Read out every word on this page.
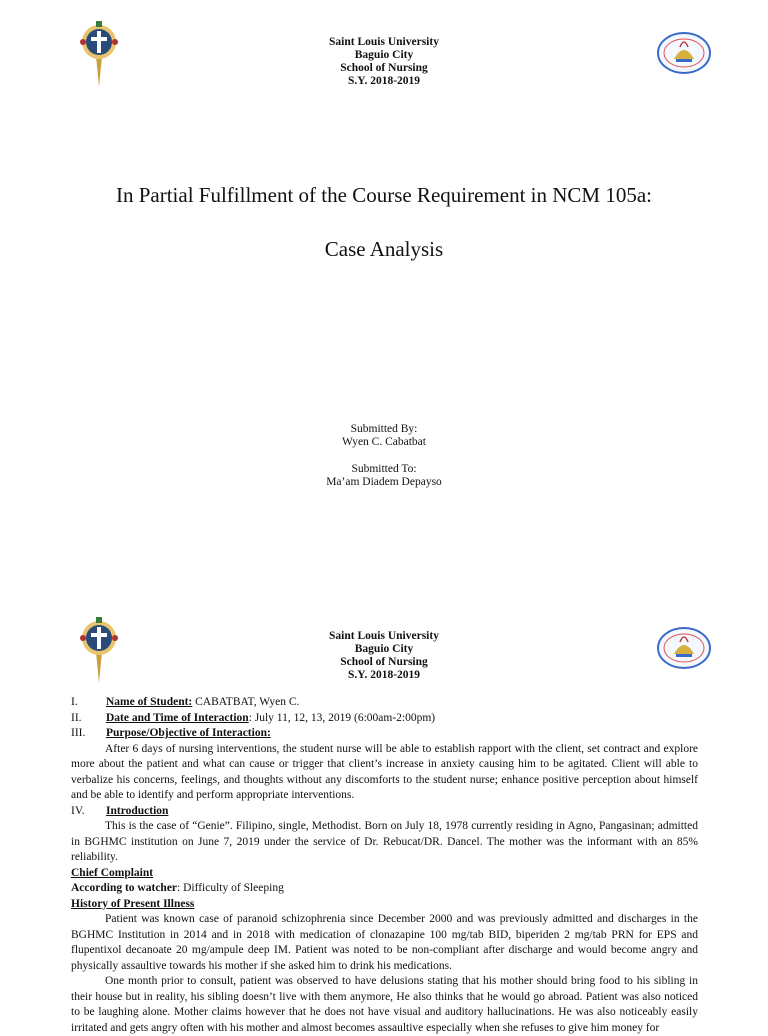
Saint Louis University
Baguio City
School of Nursing
S.Y. 2018-2019
In Partial Fulfillment of the Course Requirement in NCM 105a:
Case Analysis
Submitted By:
Wyen C. Cabatbat
Submitted To:
Ma’am Diadem Depayso
Saint Louis University
Baguio City
School of Nursing
S.Y. 2018-2019
I.	Name of Student: CABATBAT, Wyen C.
II.	Date and Time of Interaction: July 11, 12, 13, 2019 (6:00am-2:00pm)
III.	Purpose/Objective of Interaction:
After 6 days of nursing interventions, the student nurse will be able to establish rapport with the client, set contract and explore more about the patient and what can cause or trigger that client’s increase in anxiety causing him to be agitated. Client will able to verbalize his concerns, feelings, and thoughts without any discomforts to the student nurse; enhance positive perception about himself and be able to identify and perform appropriate interventions.
IV.	Introduction
This is the case of “Genie”. Filipino, single, Methodist. Born on July 18, 1978 currently residing in Agno, Pangasinan; admitted in BGHMC institution on June 7, 2019 under the service of Dr. Rebucat/DR. Dancel. The mother was the informant with an 85% reliability.
Chief Complaint
According to watcher: Difficulty of Sleeping
History of Present Illness
Patient was known case of paranoid schizophrenia since December 2000 and was previously admitted and discharges in the BGHMC Institution in 2014 and in 2018 with medication of clonazapine 100 mg/tab BID, biperiden 2 mg/tab PRN for EPS and flupentixol decanoate 20 mg/ampule deep IM. Patient was noted to be non-compliant after discharge and would become angry and physically assaultive towards his mother if she asked him to drink his medications.
One month prior to consult, patient was observed to have delusions stating that his mother should bring food to his sibling in their house but in reality, his sibling doesn’t live with them anymore, He also thinks that he would go abroad. Patient was also noticed to be laughing alone. Mother claims however that he does not have visual and auditory hallucinations. He was also noticeably easily irritated and gets angry often with his mother and almost becomes assaultive especially when she refuses to give him money for
